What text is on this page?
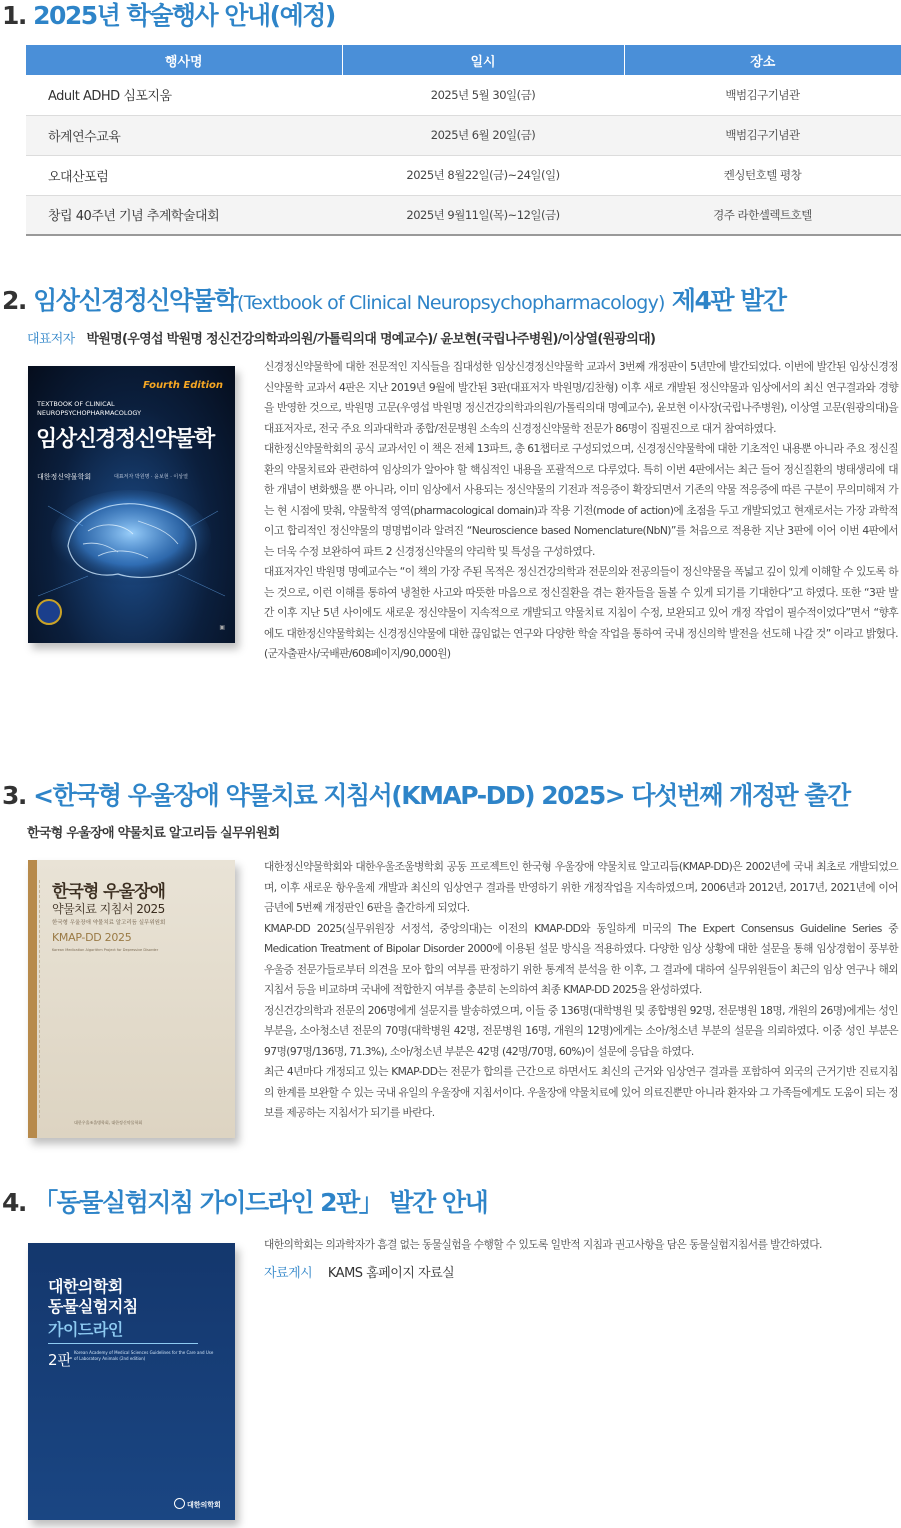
1. 2025년 학술행사 안내(예정)
행사명	일시	장소
Adult ADHD 심포지움	2025년 5월 30일(금)	백범김구기념관
하계연수교육	2025년 6월 20일(금)	백범김구기념관
오대산포럼	2025년 8월22일(금)~24일(일)	켄싱턴호텔 평창
창립 40주년 기념 추계학술대회	2025년 9월11일(목)~12일(금)	경주 라한셀렉트호텔
2. 임상신경정신약물학(Textbook of Clinical Neuropsychopharmacology) 제4판 발간
대표저자 박원명(우영섭 박원명 정신건강의학과의원/가톨릭의대 명예교수)/ 윤보현(국립나주병원)/이상열(원광의대)
Fourth Edition
TEXTBOOK OF CLINICAL
NEUROPSYCHOPHARMACOLOGY
임상신경정신약물학
대한정신약물학회	대표저자 박원명 · 윤보현 · 이상열
▣

신경정신약물학에 대한 전문적인 지식들을 집대성한 임상신경정신약물학 교과서 3번째 개정판이 5년만에 발간되었다. 이번에 발간된 임상신경정신약물학 교과서 4판은 지난 2019년 9월에 발간된 3판(대표저자 박원명/김찬형) 이후 새로 개발된 정신약물과 임상에서의 최신 연구결과와 경향을 반영한 것으로, 박원명 고문(우영섭 박원명 정신건강의학과의원/가톨릭의대 명예교수), 윤보현 이사장(국립나주병원), 이상열 고문(원광의대)을 대표저자로, 전국 주요 의과대학과 종합/전문병원 소속의 신경정신약물학 전문가 86명이 집필진으로 대거 참여하였다.

대한정신약물학회의 공식 교과서인 이 책은 전체 13파트, 총 61챕터로 구성되었으며, 신경정신약물학에 대한 기초적인 내용뿐 아니라 주요 정신질환의 약물치료와 관련하여 임상의가 알아야 할 핵심적인 내용을 포괄적으로 다루었다. 특히 이번 4판에서는 최근 들어 정신질환의 병태생리에 대한 개념이 변화했을 뿐 아니라, 이미 임상에서 사용되는 정신약물의 기전과 적응증이 확장되면서 기존의 약물 적응증에 따른 구분이 무의미해져 가는 현 시점에 맞춰, 약물학적 영역(pharmacological domain)과 작용 기전(mode of action)에 초점을 두고 개발되었고 현재로서는 가장 과학적이고 합리적인 정신약물의 명명법이라 알려진 “Neuroscience based Nomenclature(NbN)”를 처음으로 적용한 지난 3판에 이어 이번 4판에서는 더욱 수정 보완하여 파트 2 신경정신약물의 약리학 및 특성을 구성하였다.

대표저자인 박원명 명예교수는 “이 책의 가장 주된 목적은 정신건강의학과 전문의와 전공의들이 정신약물을 폭넓고 깊이 있게 이해할 수 있도록 하는 것으로, 이런 이해를 통하여 냉철한 사고와 따뜻한 마음으로 정신질환을 겪는 환자들을 돌볼 수 있게 되기를 기대한다”고 하였다. 또한 “3판 발간 이후 지난 5년 사이에도 새로운 정신약물이 지속적으로 개발되고 약물치료 지침이 수정, 보완되고 있어 개정 작업이 필수적이었다”면서 “향후에도 대한정신약물학회는 신경정신약물에 대한 끊임없는 연구와 다양한 학술 작업을 통하여 국내 정신의학 발전을 선도해 나갈 것” 이라고 밝혔다. (군자출판사/국배판/608페이지/90,000원)

3. <한국형 우울장애 약물치료 지침서(KMAP-DD) 2025> 다섯번째 개정판 출간
한국형 우울장애 약물치료 알고리듬 실무위원회
한국형 우울장애
약물치료 지침서 2025
한국형 우울장애 약물치료 알고리듬 실무위원회
KMAP-DD 2025
Korean Medication Algorithm Project for Depressive Disorder
대한우울조울병학회, 대한정신약물학회

대한정신약물학회와 대한우울조울병학회 공동 프로젝트인 한국형 우울장애 약물치료 알고리듬(KMAP-DD)은 2002년에 국내 최초로 개발되었으며, 이후 새로운 항우울제 개발과 최신의 임상연구 결과를 반영하기 위한 개정작업을 지속하였으며, 2006년과 2012년, 2017년, 2021년에 이어 금년에 5번째 개정판인 6판을 출간하게 되었다.

KMAP-DD 2025(실무위원장 서정석, 중앙의대)는 이전의 KMAP-DD와 동일하게 미국의 The Expert Consensus Guideline Series 중 Medication Treatment of Bipolar Disorder 2000에 이용된 설문 방식을 적용하였다. 다양한 임상 상황에 대한 설문을 통해 임상경험이 풍부한 우울증 전문가들로부터 의견을 모아 합의 여부를 판정하기 위한 통계적 분석을 한 이후, 그 결과에 대하여 실무위원들이 최근의 임상 연구나 해외 지침서 등을 비교하며 국내에 적합한지 여부를 충분히 논의하여 최종 KMAP-DD 2025을 완성하였다.

정신건강의학과 전문의 206명에게 설문지를 발송하였으며, 이들 중 136명(대학병원 및 종합병원 92명, 전문병원 18명, 개원의 26명)에게는 성인부분을, 소아청소년 전문의 70명(대학병원 42명, 전문병원 16명, 개원의 12명)에게는 소아/청소년 부분의 설문을 의뢰하였다. 이중 성인 부분은 97명(97명/136명, 71.3%), 소아/청소년 부분은 42명 (42명/70명, 60%)이 설문에 응답을 하였다.

최근 4년마다 개정되고 있는 KMAP-DD는 전문가 합의를 근간으로 하면서도 최신의 근거와 임상연구 결과를 포함하여 외국의 근거기반 진료지침의 한계를 보완할 수 있는 국내 유일의 우울장애 지침서이다. 우울장애 약물치료에 있어 의료진뿐만 아니라 환자와 그 가족들에게도 도움이 되는 정보를 제공하는 지침서가 되기를 바란다.

4. 「동물실험지침 가이드라인 2판」 발간 안내
대한의학회
동물실험지침
가이드라인
2판 Korean Academy of Medical Sciences Guidelines for the Care and Use of Laboratory Animals (2nd edition)
대한의학회

대한의학회는 의과학자가 흠결 없는 동물실험을 수행할 수 있도록 일반적 지침과 권고사항을 담은 동물실험지침서를 발간하였다.

자료게시 KAMS 홈페이지 자료실
